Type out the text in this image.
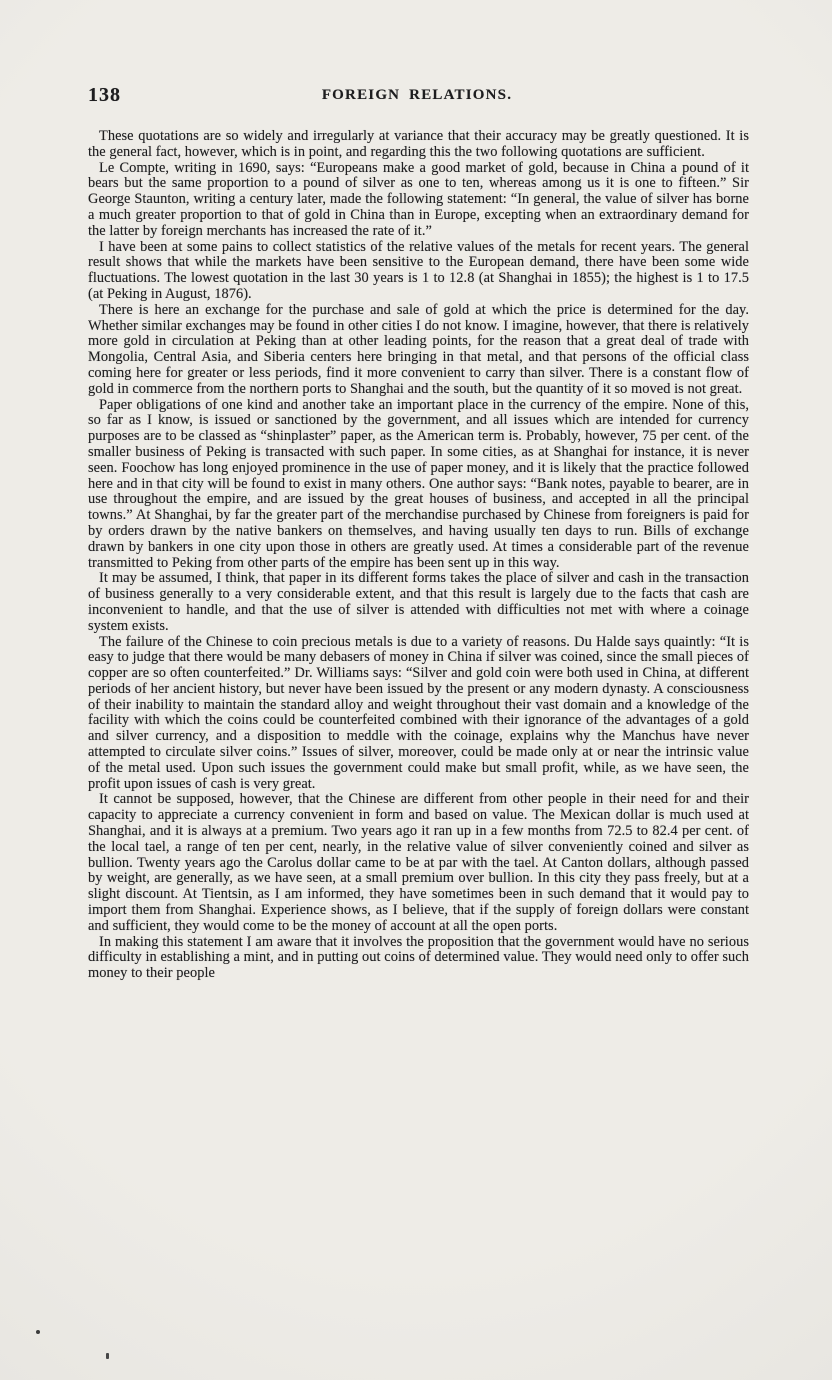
138	FOREIGN RELATIONS.

These quotations are so widely and irregularly at variance that their accuracy may be greatly questioned. It is the general fact, however, which is in point, and regarding this the two following quotations are sufficient.

Le Compte, writing in 1690, says: “Europeans make a good market of gold, because in China a pound of it bears but the same proportion to a pound of silver as one to ten, whereas among us it is one to fifteen.” Sir George Staunton, writing a century later, made the following statement: “In general, the value of silver has borne a much greater proportion to that of gold in China than in Europe, excepting when an extraordinary demand for the latter by foreign merchants has increased the rate of it.”

I have been at some pains to collect statistics of the relative values of the metals for recent years. The general result shows that while the markets have been sensitive to the European demand, there have been some wide fluctuations. The lowest quotation in the last 30 years is 1 to 12.8 (at Shanghai in 1855); the highest is 1 to 17.5 (at Peking in August, 1876).

There is here an exchange for the purchase and sale of gold at which the price is determined for the day. Whether similar exchanges may be found in other cities I do not know. I imagine, however, that there is relatively more gold in circulation at Peking than at other leading points, for the reason that a great deal of trade with Mongolia, Central Asia, and Siberia centers here bringing in that metal, and that persons of the official class coming here for greater or less periods, find it more convenient to carry than silver. There is a constant flow of gold in commerce from the northern ports to Shanghai and the south, but the quantity of it so moved is not great.

Paper obligations of one kind and another take an important place in the currency of the empire. None of this, so far as I know, is issued or sanctioned by the government, and all issues which are intended for currency purposes are to be classed as “shinplaster” paper, as the American term is. Probably, however, 75 per cent. of the smaller business of Peking is transacted with such paper. In some cities, as at Shanghai for instance, it is never seen. Foochow has long enjoyed prominence in the use of paper money, and it is likely that the practice followed here and in that city will be found to exist in many others. One author says: “Bank notes, payable to bearer, are in use throughout the empire, and are issued by the great houses of business, and accepted in all the principal towns.” At Shanghai, by far the greater part of the merchandise purchased by Chinese from foreigners is paid for by orders drawn by the native bankers on themselves, and having usually ten days to run. Bills of exchange drawn by bankers in one city upon those in others are greatly used. At times a considerable part of the revenue transmitted to Peking from other parts of the empire has been sent up in this way.

It may be assumed, I think, that paper in its different forms takes the place of silver and cash in the transaction of business generally to a very considerable extent, and that this result is largely due to the facts that cash are inconvenient to handle, and that the use of silver is attended with difficulties not met with where a coinage system exists.

The failure of the Chinese to coin precious metals is due to a variety of reasons. Du Halde says quaintly: “It is easy to judge that there would be many debasers of money in China if silver was coined, since the small pieces of copper are so often counterfeited.” Dr. Williams says: “Silver and gold coin were both used in China, at different periods of her ancient history, but never have been issued by the present or any modern dynasty. A consciousness of their inability to maintain the standard alloy and weight throughout their vast domain and a knowledge of the facility with which the coins could be counterfeited combined with their ignorance of the advantages of a gold and silver currency, and a disposition to meddle with the coinage, explains why the Manchus have never attempted to circulate silver coins.” Issues of silver, moreover, could be made only at or near the intrinsic value of the metal used. Upon such issues the government could make but small profit, while, as we have seen, the profit upon issues of cash is very great.

It cannot be supposed, however, that the Chinese are different from other people in their need for and their capacity to appreciate a currency convenient in form and based on value. The Mexican dollar is much used at Shanghai, and it is always at a premium. Two years ago it ran up in a few months from 72.5 to 82.4 per cent. of the local tael, a range of ten per cent, nearly, in the relative value of silver conveniently coined and silver as bullion. Twenty years ago the Carolus dollar came to be at par with the tael. At Canton dollars, although passed by weight, are generally, as we have seen, at a small premium over bullion. In this city they pass freely, but at a slight discount. At Tientsin, as I am informed, they have sometimes been in such demand that it would pay to import them from Shanghai. Experience shows, as I believe, that if the supply of foreign dollars were constant and sufficient, they would come to be the money of account at all the open ports.

In making this statement I am aware that it involves the proposition that the government would have no serious difficulty in establishing a mint, and in putting out coins of determined value. They would need only to offer such money to their people
